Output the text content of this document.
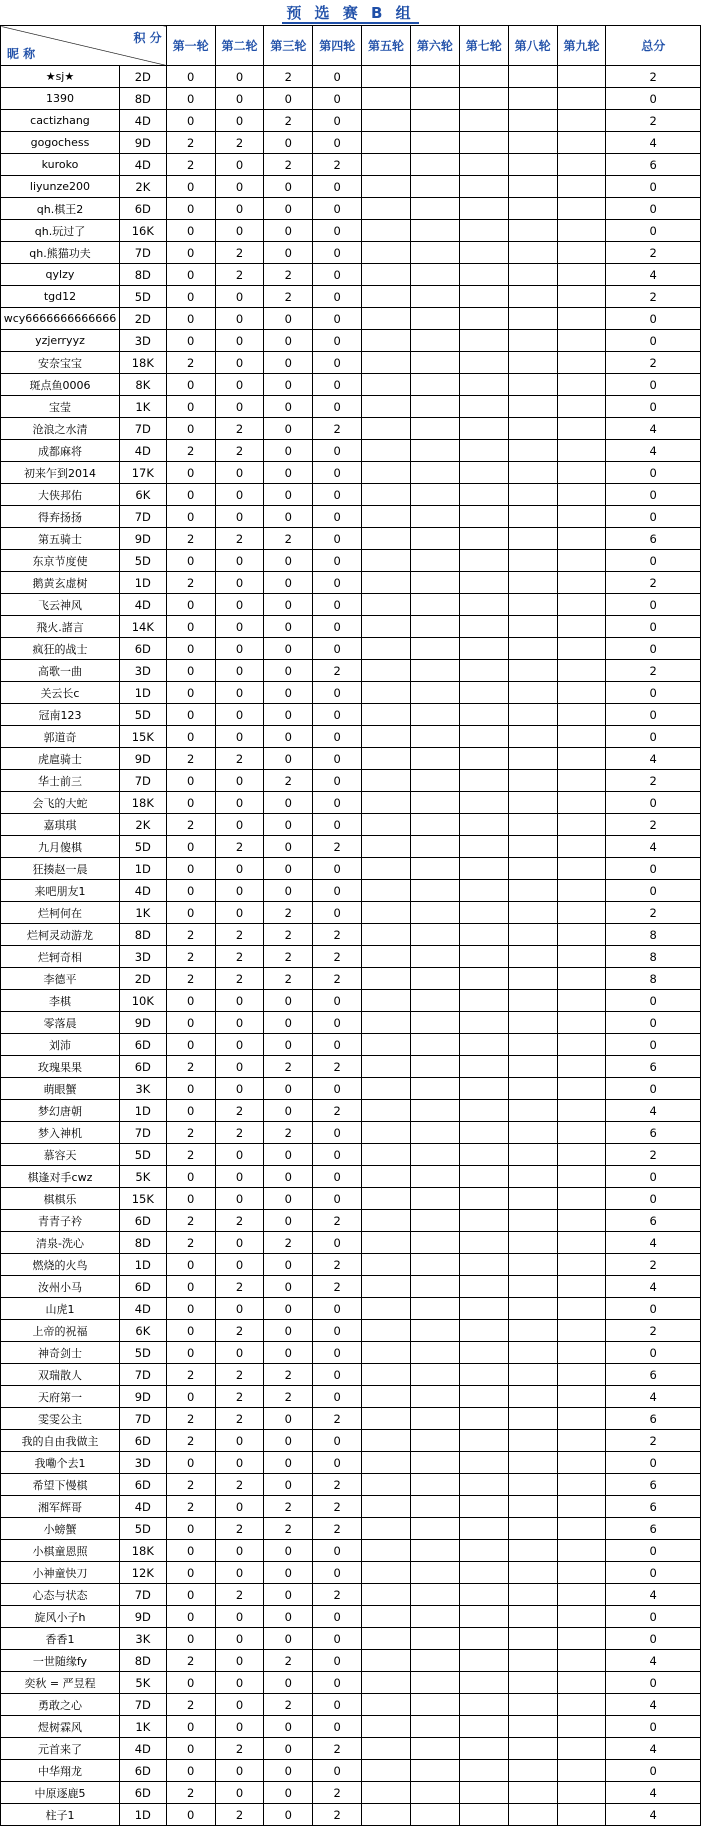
预 选 赛 B 组
积 分
昵 称		第一轮	第二轮	第三轮	第四轮	第五轮	第六轮	第七轮	第八轮	第九轮	总分
★sj★	2D	0	0	2	0						2
1390	8D	0	0	0	0						0
cactizhang	4D	0	0	2	0						2
gogochess	9D	2	2	0	0						4
kuroko	4D	2	0	2	2						6
liyunze200	2K	0	0	0	0						0
qh.棋王2	6D	0	0	0	0						0
qh.玩过了	16K	0	0	0	0						0
qh.熊猫功夫	7D	0	2	0	0						2
qylzy	8D	0	2	2	0						4
tgd12	5D	0	0	2	0						2
wcy6666666666666	2D	0	0	0	0						0
yzjerryyz	3D	0	0	0	0						0
安奈宝宝	18K	2	0	0	0						2
斑点鱼0006	8K	0	0	0	0						0
宝莹	1K	0	0	0	0						0
沧浪之水清	7D	0	2	0	2						4
成都麻将	4D	2	2	0	0						4
初来乍到2014	17K	0	0	0	0						0
大侠邦佑	6K	0	0	0	0						0
得弃扬扬	7D	0	0	0	0						0
第五骑士	9D	2	2	2	0						6
东京节度使	5D	0	0	0	0						0
鹅黄玄虚树	1D	2	0	0	0						2
飞云神风	4D	0	0	0	0						0
飛火.諸言	14K	0	0	0	0						0
疯狂的战士	6D	0	0	0	0						0
高歌一曲	3D	0	0	0	2						2
关云长c	1D	0	0	0	0						0
冠南123	5D	0	0	0	0						0
郭道奇	15K	0	0	0	0						0
虎扈骑士	9D	2	2	0	0						4
华士前三	7D	0	0	2	0						2
会飞的大蛇	18K	0	0	0	0						0
嘉琪琪	2K	2	0	0	0						2
九月傻棋	5D	0	2	0	2						4
狂揍赵一晨	1D	0	0	0	0						0
来吧朋友1	4D	0	0	0	0						0
烂柯何在	1K	0	0	2	0						2
烂柯灵动游龙	8D	2	2	2	2						8
烂轲奇相	3D	2	2	2	2						8
李德平	2D	2	2	2	2						8
李棋	10K	0	0	0	0						0
零落晨	9D	0	0	0	0						0
刘沛	6D	0	0	0	0						0
玫瑰果果	6D	2	0	2	2						6
萌眼蟹	3K	0	0	0	0						0
梦幻唐朝	1D	0	2	0	2						4
梦入神机	7D	2	2	2	0						6
慕容天	5D	2	0	0	0						2
棋逢对手cwz	5K	0	0	0	0						0
棋棋乐	15K	0	0	0	0						0
青青子衿	6D	2	2	0	2						6
清泉-洗心	8D	2	0	2	0						4
燃烧的火鸟	1D	0	0	0	2						2
汝州小马	6D	0	2	0	2						4
山虎1	4D	0	0	0	0						0
上帝的祝福	6K	0	2	0	0						2
神奇剑士	5D	0	0	0	0						0
双瑞散人	7D	2	2	2	0						6
天府第一	9D	0	2	2	0						4
雯雯公主	7D	2	2	0	2						6
我的自由我做主	6D	2	0	0	0						2
我嘞个去1	3D	0	0	0	0						0
希望下慢棋	6D	2	2	0	2						6
湘军辉哥	4D	2	0	2	2						6
小螃蟹	5D	0	2	2	2						6
小棋童恩照	18K	0	0	0	0						0
小神童快刀	12K	0	0	0	0						0
心态与状态	7D	0	2	0	2						4
旋风小子h	9D	0	0	0	0						0
香香1	3K	0	0	0	0						0
一世随缘fy	8D	2	0	2	0						4
奕秋 = 严昱程	5K	0	0	0	0						0
勇敢之心	7D	2	0	2	0						4
煜树霖风	1K	0	0	0	0						0
元首来了	4D	0	2	0	2						4
中华翔龙	6D	0	0	0	0						0
中原逐鹿5	6D	2	0	0	2						4
柱子1	1D	0	2	0	2						4
